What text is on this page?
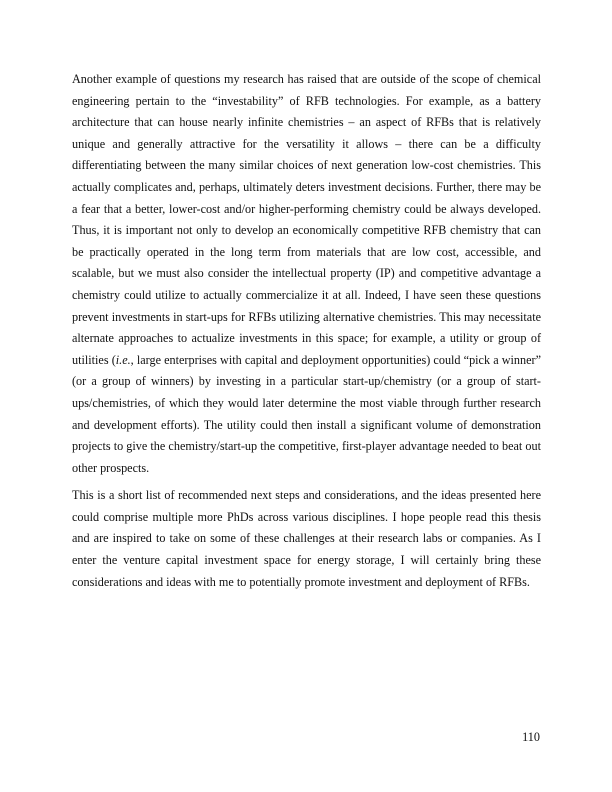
Another example of questions my research has raised that are outside of the scope of chemical engineering pertain to the “investability” of RFB technologies. For example, as a battery architecture that can house nearly infinite chemistries – an aspect of RFBs that is relatively unique and generally attractive for the versatility it allows – there can be a difficulty differentiating between the many similar choices of next generation low-cost chemistries. This actually complicates and, perhaps, ultimately deters investment decisions. Further, there may be a fear that a better, lower-cost and/or higher-performing chemistry could be always developed. Thus, it is important not only to develop an economically competitive RFB chemistry that can be practically operated in the long term from materials that are low cost, accessible, and scalable, but we must also consider the intellectual property (IP) and competitive advantage a chemistry could utilize to actually commercialize it at all. Indeed, I have seen these questions prevent investments in start-ups for RFBs utilizing alternative chemistries. This may necessitate alternate approaches to actualize investments in this space; for example, a utility or group of utilities (i.e., large enterprises with capital and deployment opportunities) could “pick a winner” (or a group of winners) by investing in a particular start-up/chemistry (or a group of start-ups/chemistries, of which they would later determine the most viable through further research and development efforts). The utility could then install a significant volume of demonstration projects to give the chemistry/start-up the competitive, first-player advantage needed to beat out other prospects.

This is a short list of recommended next steps and considerations, and the ideas presented here could comprise multiple more PhDs across various disciplines. I hope people read this thesis and are inspired to take on some of these challenges at their research labs or companies. As I enter the venture capital investment space for energy storage, I will certainly bring these considerations and ideas with me to potentially promote investment and deployment of RFBs.

110
